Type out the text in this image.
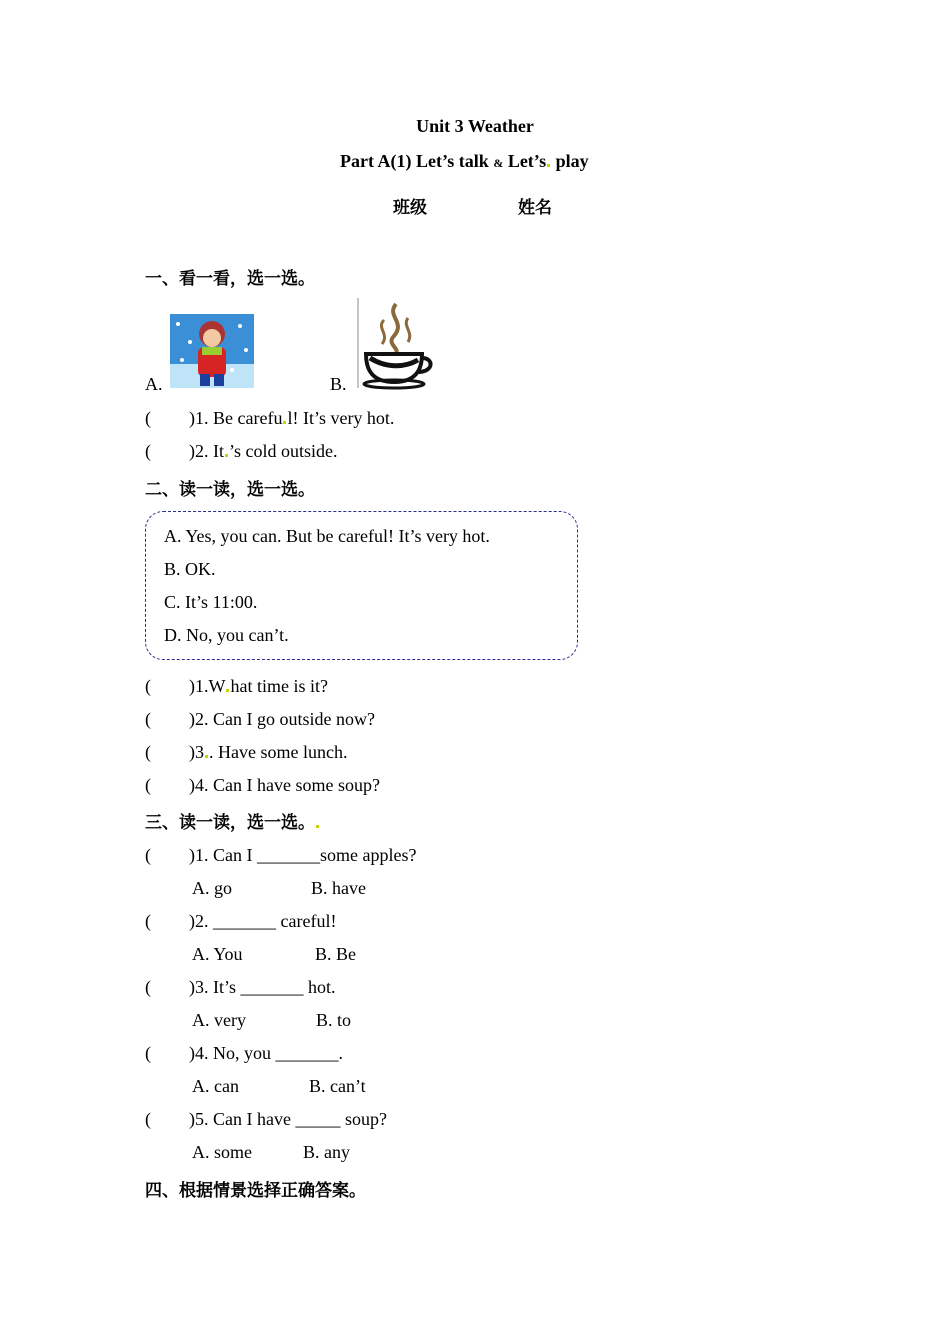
Unit 3 Weather
Part A(1) Let’s talk & Let’s play
班级	姓名
一、看一看，选一选。
A.	B.
( )1. Be carefu l! It’s very hot.
( )2. It ’s cold outside.
二、读一读，选一选。
A. Yes, you can. But be careful! It’s very hot.
B. OK.
C. It’s 11:00.
D. No, you can’t.
( )1.W hat time is it?
( )2. Can I go outside now?
( )3 . Have some lunch.
( )4. Can I have some soup?
三、读一读，选一选。
( )1. Can I _______some apples?
A. go	B. have
( )2. _______ careful!
A. You	B. Be
( )3. It’s _______ hot.
A. very	B. to
( )4. No, you _______.
A. can	B. can’t
( )5. Can I have _____ soup?
A. some	B. any
四、根据情景选择正确答案。
